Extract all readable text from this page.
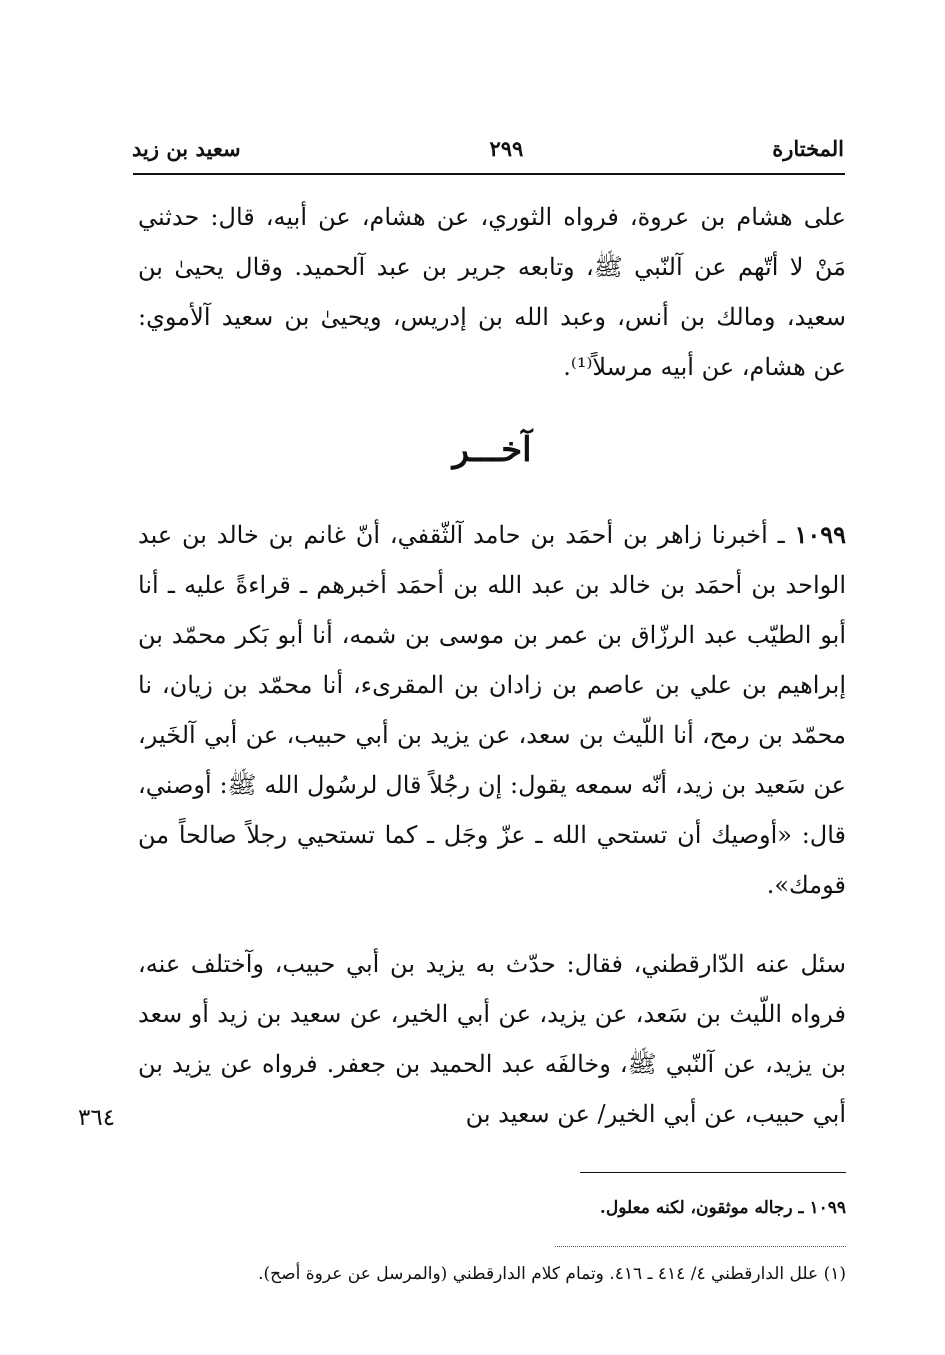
المختارة
٢٩٩
سعيد بن زيد
على هشام بن عروة، فرواه الثوري، عن هشام، عن أبيه، قال: حدثني مَنْ لا أتّهم عن آلنّبي ﷺ، وتابعه جرير بن عبد آلحميد. وقال يحيىٰ بن سعيد، ومالك بن أنس، وعبد الله بن إدريس، ويحيىٰ بن سعيد آلأموي: عن هشام، عن أبيه مرسلاً⁽¹⁾.
آخـــر
١٠٩٩ ـ أخبرنا زاهر بن أحمَد بن حامد آلثّقفي، أنّ غانم بن خالد بن عبد الواحد بن أحمَد بن خالد بن عبد الله بن أحمَد أخبرهم ـ قراءةً عليه ـ أنا أبو الطيّب عبد الرزّاق بن عمر بن موسى بن شمه، أنا أبو بَكر محمّد بن إبراهيم بن علي بن عاصم بن زادان بن المقرىء، أنا محمّد بن زيان، نا محمّد بن رمح، أنا اللّيث بن سعد، عن يزيد بن أبي حبيب، عن أبي آلخَير، عن سَعيد بن زيد، أنّه سمعه يقول: إن رجُلاً قال لرسُول الله ﷺ: أوصني، قال: «أوصيك أن تستحي الله ـ عزّ وجَل ـ كما تستحيي رجلاً صالحاً من قومك».
سئل عنه الدّارقطني، فقال: حدّث به يزيد بن أبي حبيب، وآختلف عنه، فرواه اللّيث بن سَعد، عن يزيد، عن أبي الخير، عن سعيد بن زيد أو سعد بن يزيد، عن آلنّبي ﷺ، وخالفَه عبد الحميد بن جعفر. فرواه عن يزيد بن أبي حبيب، عن أبي الخير/ عن سعيد بن
٣٦٤
١٠٩٩ ـ رجاله موثقون، لكنه معلول.
(١) علل الدارقطني ٤/ ٤١٤ ـ ٤١٦. وتمام كلام الدارقطني (والمرسل عن عروة أصح).
